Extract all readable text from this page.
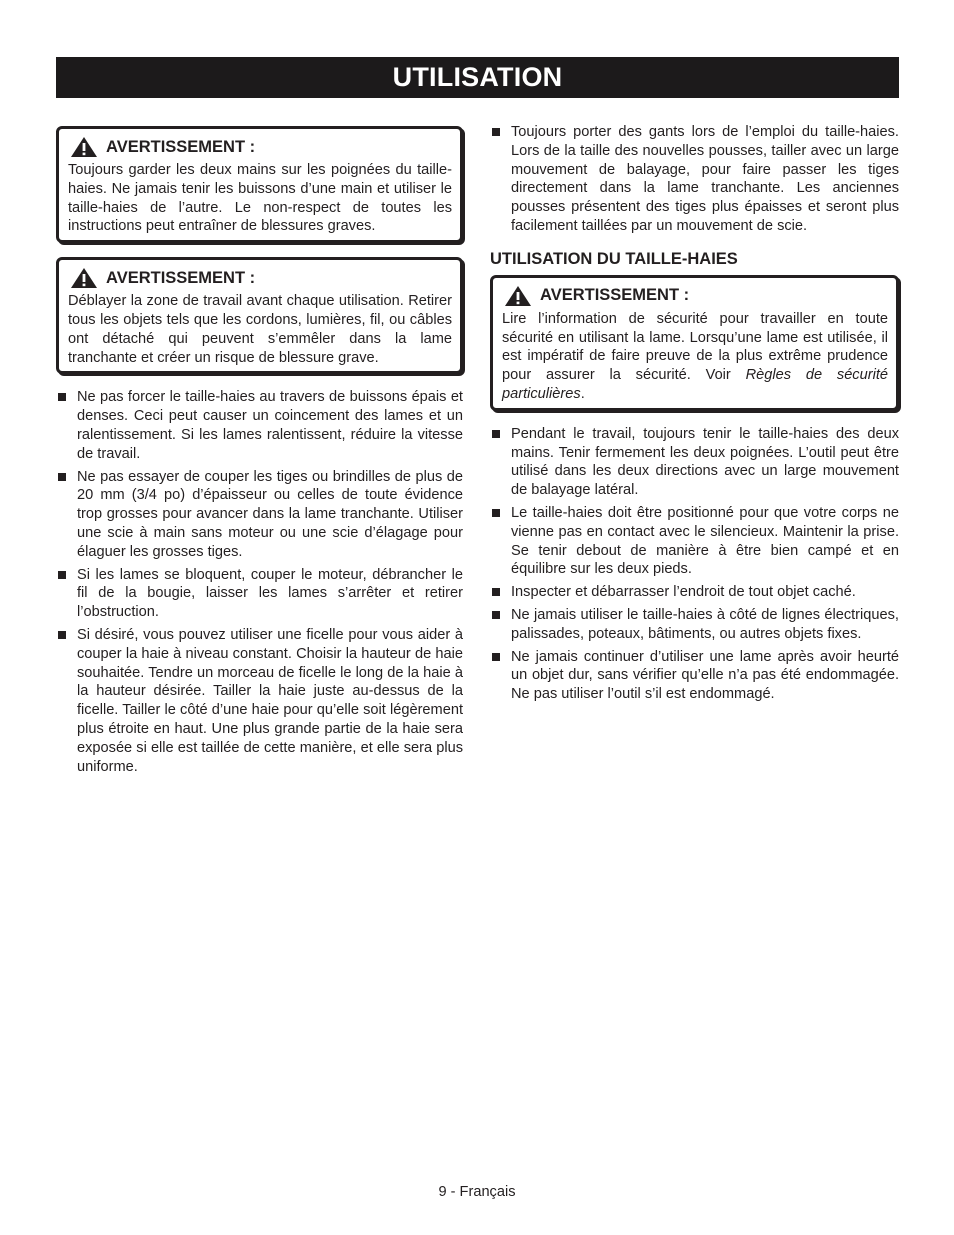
UTILISATION
AVERTISSEMENT :

Toujours garder les deux mains sur les poignées du taille-haies. Ne jamais tenir les buissons d’une main et utiliser le taille-haies de l’autre. Le non-respect de toutes les instructions peut entraîner de blessures graves.

AVERTISSEMENT :

Déblayer la zone de travail avant chaque utilisation. Retirer tous les objets tels que les cordons, lumières, fil, ou câbles ont détaché qui peuvent s’emmêler dans la lame tranchante et créer un risque de blessure grave.

Ne pas forcer le taille-haies au travers de buissons épais et denses. Ceci peut causer un coincement des lames et un ralentissement. Si les lames ralentissent, réduire la vitesse de travail.
Ne pas essayer de couper les tiges ou brindilles de plus de 20 mm (3/4 po) d’épaisseur ou celles de toute évidence trop grosses pour avancer dans la lame tranchante. Utiliser une scie à main sans moteur ou une scie d’élagage pour élaguer les grosses tiges.
Si les lames se bloquent, couper le moteur, débrancher le fil de la bougie, laisser les lames s’arrêter et retirer l’obstruction.
Si désiré, vous pouvez utiliser une ficelle pour vous aider à couper la haie à niveau constant. Choisir la hauteur de haie souhaitée. Tendre un morceau de ficelle le long de la haie à la hauteur désirée. Tailler la haie juste au-dessus de la ficelle. Tailler le côté d’une haie pour qu’elle soit légèrement plus étroite en haut. Une plus grande partie de la haie sera exposée si elle est taillée de cette manière, et elle sera plus uniforme.
Toujours porter des gants lors de l’emploi du taille-haies. Lors de la taille des nouvelles pousses, tailler avec un large mouvement de balayage, pour faire passer les tiges directement dans la lame tranchante. Les anciennes pousses présentent des tiges plus épaisses et seront plus facilement taillées par un mouvement de scie.
UTILISATION DU TAILLE-HAIES
AVERTISSEMENT :

Lire l’information de sécurité pour travailler en toute sécurité en utilisant la lame. Lorsqu’une lame est utilisée, il est impératif de faire preuve de la plus extrême prudence pour assurer la sécurité. Voir Règles de sécurité particulières.

Pendant le travail, toujours tenir le taille-haies des deux mains. Tenir fermement les deux poignées. L’outil peut être utilisé dans les deux directions avec un large mouvement de balayage latéral.
Le taille-haies doit être positionné pour que votre corps ne vienne pas en contact avec le silencieux. Maintenir la prise. Se tenir debout de manière à être bien campé et en équilibre sur les deux pieds.
Inspecter et débarrasser l’endroit de tout objet caché.
Ne jamais utiliser le taille-haies à côté de lignes électriques, palissades, poteaux, bâtiments, ou autres objets fixes.
Ne jamais continuer d’utiliser une lame après avoir heurté un objet dur, sans vérifier qu’elle n’a pas été endommagée. Ne pas utiliser l’outil s’il est endommagé.
9 - Français
